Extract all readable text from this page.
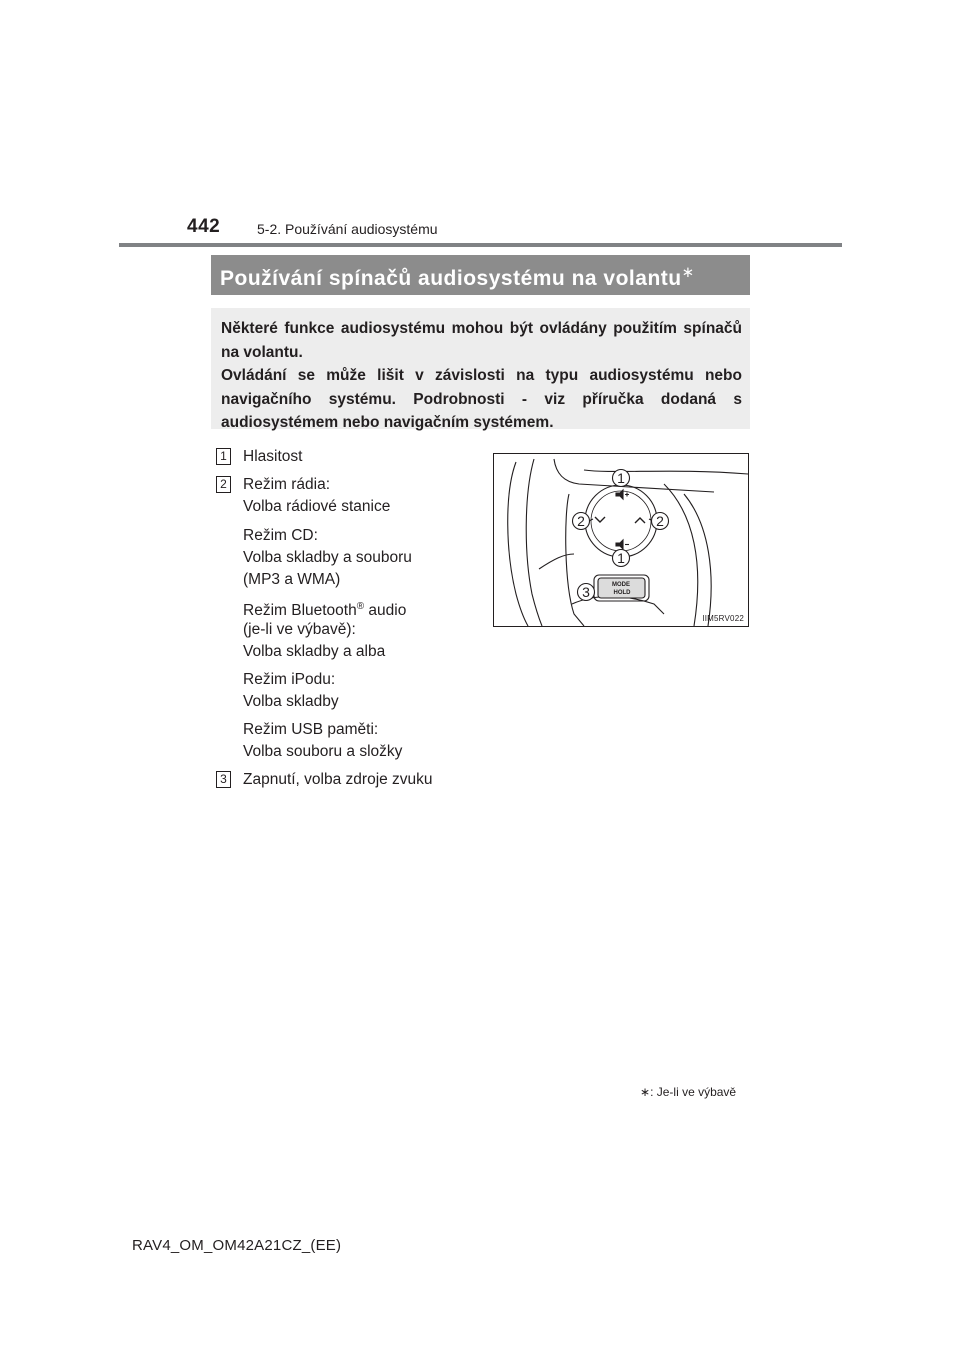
442	5-2. Používání audiosystému
Používání spínačů audiosystému na volantu∗

Některé funkce audiosystému mohou být ovládány použitím spínačů na volantu.

Ovládání se může lišit v závislosti na typu audiosystému nebo navigačního systému. Podrobnosti - viz příručka dodaná s audiosystémem nebo navigačním systémem.

1 Hlasitost
2 Režim rádia:
Volba rádiové stanice
Režim CD:
Volba skladby a souboru
(MP3 a WMA)
Režim Bluetooth® audio
(je-li ve výbavě):
Volba skladby a alba
Režim iPodu:
Volba skladby
Režim USB paměti:
Volba souboru a složky
3 Zapnutí, volba zdroje zvuku
1
2	2
1
3	MODE
HOLD
IIM5RV022
∗: Je-li ve výbavě
RAV4_OM_OM42A21CZ_(EE)
